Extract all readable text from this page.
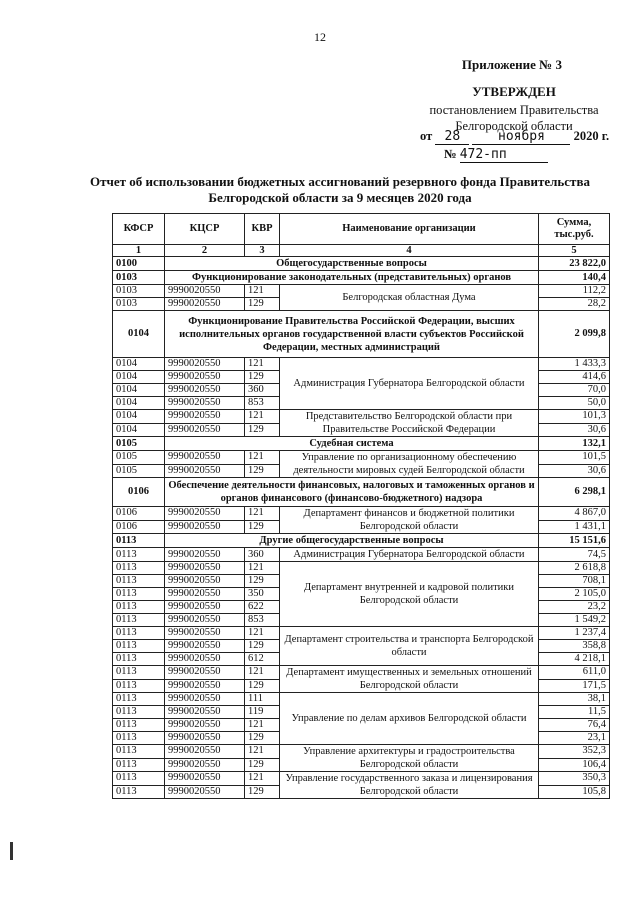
12
Приложение № 3
УТВЕРЖДЕН
постановлением Правительства
Белгородской области
от 28	ноября 2020 г.
№ 472-пп
Отчет об использовании бюджетных ассигнований резервного фонда Правительства
Белгородской области за 9 месяцев 2020 года
КФСР	КЦСР	КВР	Наименование организации	Сумма, тыс.руб.
1	2	3	4	5
0100	Общегосударственные вопросы			23 822,0
0103	Функционирование законодательных (представительных) органов			140,4
0103	9990020550	121	Белгородская областная Дума	112,2
0103	9990020550	129		28,2
0104	Функционирование Правительства Российской Федерации, высших исполнительных органов государственной власти субъектов Российской Федерации, местных администраций			2 099,8
0104	9990020550	121	Администрация Губернатора Белгородской области	1 433,3
0104	9990020550	129		414,6
0104	9990020550	360		70,0
0104	9990020550	853		50,0
0104	9990020550	121	Представительство Белгородской области при Правительстве Российской Федерации	101,3
0104	9990020550	129		30,6
0105	Судебная система			132,1
0105	9990020550	121	Управление по организационному обеспечению деятельности мировых судей Белгородской области	101,5
0105	9990020550	129		30,6
0106	Обеспечение деятельности финансовых, налоговых и таможенных органов и органов финансового (финансово-бюджетного) надзора			6 298,1
0106	9990020550	121	Департамент финансов и бюджетной политики Белгородской области	4 867,0
0106	9990020550	129		1 431,1
0113	Другие общегосударственные вопросы			15 151,6
0113	9990020550	360	Администрация Губернатора Белгородской области	74,5
0113	9990020550	121	Департамент внутренней и кадровой политики Белгородской области	2 618,8
0113	9990020550	129		708,1
0113	9990020550	350		2 105,0
0113	9990020550	622		23,2
0113	9990020550	853		1 549,2
0113	9990020550	121	Департамент строительства и транспорта Белгородской области	1 237,4
0113	9990020550	129		358,8
0113	9990020550	612		4 218,1
0113	9990020550	121	Департамент имущественных и земельных отношений Белгородской области	611,0
0113	9990020550	129		171,5
0113	9990020550	111	Управление по делам архивов Белгородской области	38,1
0113	9990020550	119		11,5
0113	9990020550	121		76,4
0113	9990020550	129		23,1
0113	9990020550	121	Управление архитектуры и градостроительства Белгородской области	352,3
0113	9990020550	129		106,4
0113	9990020550	121	Управление государственного заказа и лицензирования Белгородской области	350,3
0113	9990020550	129		105,8
